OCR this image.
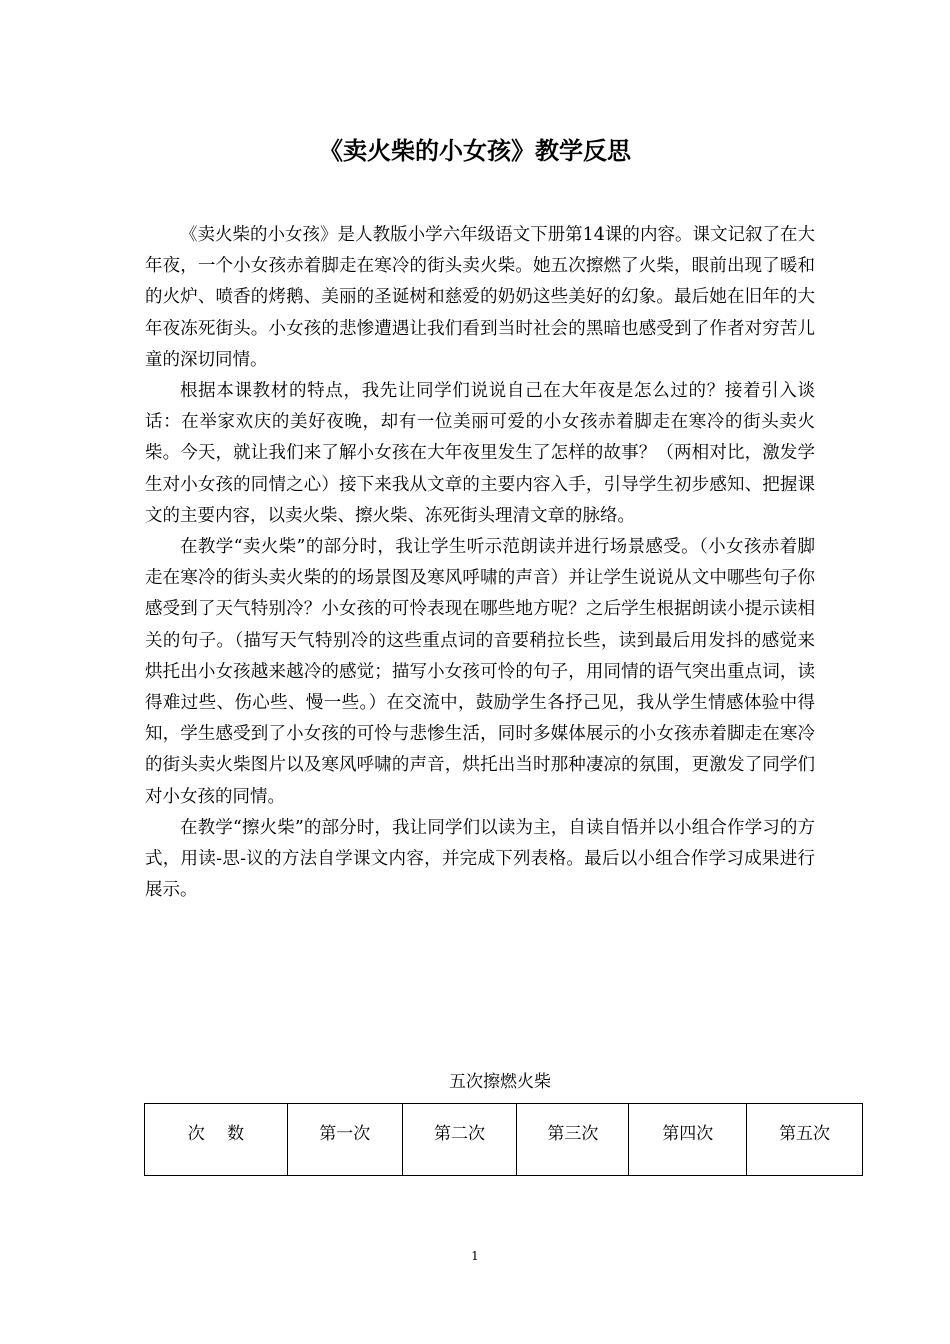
《卖火柴的小女孩》教学反思

《卖火柴的小女孩》是人教版小学六年级语文下册第14课的内容。课文记叙了在大年夜，一个小女孩赤着脚走在寒冷的街头卖火柴。她五次擦燃了火柴，眼前出现了暖和的火炉、喷香的烤鹅、美丽的圣诞树和慈爱的奶奶这些美好的幻象。最后她在旧年的大年夜冻死街头。小女孩的悲惨遭遇让我们看到当时社会的黑暗也感受到了作者对穷苦儿童的深切同情。

根据本课教材的特点，我先让同学们说说自己在大年夜是怎么过的？接着引入谈话：在举家欢庆的美好夜晚，却有一位美丽可爱的小女孩赤着脚走在寒冷的街头卖火柴。今天，就让我们来了解小女孩在大年夜里发生了怎样的故事？（两相对比，激发学生对小女孩的同情之心）接下来我从文章的主要内容入手，引导学生初步感知、把握课文的主要内容，以卖火柴、擦火柴、冻死街头理清文章的脉络。

在教学“卖火柴”的部分时，我让学生听示范朗读并进行场景感受。（小女孩赤着脚走在寒冷的街头卖火柴的的场景图及寒风呼啸的声音）并让学生说说从文中哪些句子你感受到了天气特别冷？小女孩的可怜表现在哪些地方呢？之后学生根据朗读小提示读相关的句子。（描写天气特别冷的这些重点词的音要稍拉长些，读到最后用发抖的感觉来烘托出小女孩越来越冷的感觉；描写小女孩可怜的句子，用同情的语气突出重点词，读得难过些、伤心些、慢一些。）在交流中，鼓励学生各抒己见，我从学生情感体验中得知，学生感受到了小女孩的可怜与悲惨生活，同时多媒体展示的小女孩赤着脚走在寒冷的街头卖火柴图片以及寒风呼啸的声音，烘托出当时那种凄凉的氛围，更激发了同学们对小女孩的同情。

在教学“擦火柴”的部分时，我让同学们以读为主，自读自悟并以小组合作学习的方式，用读-思-议的方法自学课文内容，并完成下列表格。最后以小组合作学习成果进行展示。

五次擦燃火柴
次　 数	第一次	第二次	第三次	第四次	第五次
1
